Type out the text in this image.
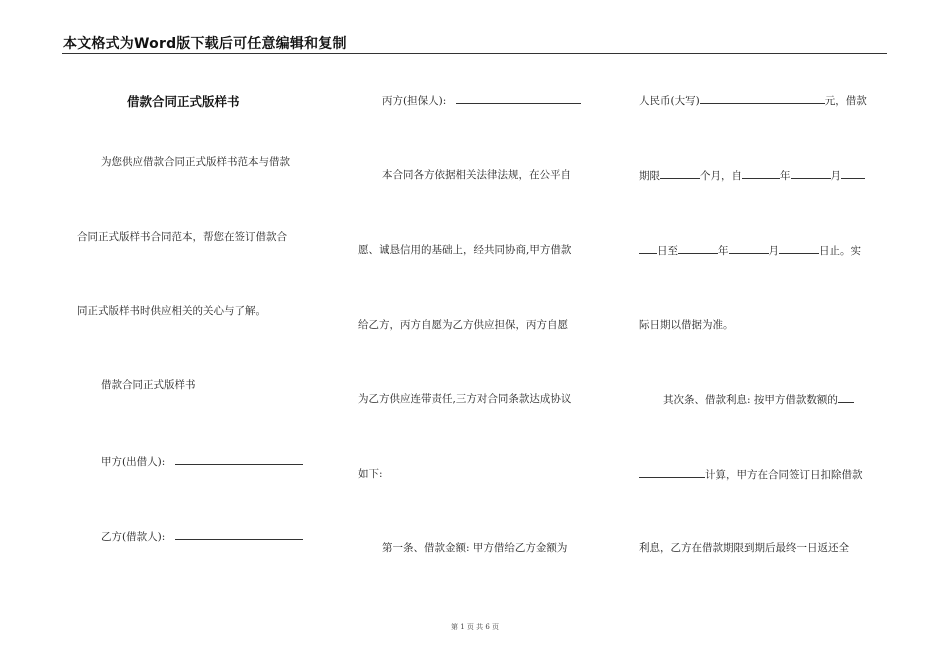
本文格式为Word版下载后可任意编辑和复制
借款合同正式版样书
为您供应借款合同正式版样书范本与借款
合同正式版样书合同范本，帮您在签订借款合
同正式版样书时供应相关的关心与了解。
借款合同正式版样书
甲方(出借人):
乙方(借款人):
丙方(担保人):
本合同各方依据相关法律法规，在公平自
愿、诚恳信用的基础上，经共同协商,甲方借款
给乙方，丙方自愿为乙方供应担保，丙方自愿
为乙方供应连带责任,三方对合同条款达成协议
如下:
第一条、借款金额: 甲方借给乙方金额为
人民币(大写)	元，借款
期限	个月，自	年	月
日至	年	月	日止。实
际日期以借据为准。
其次条、借款利息: 按甲方借款数额的
计算，甲方在合同签订日扣除借款
利息，乙方在借款期限到期后最终一日返还全
第 1 页 共 6 页
